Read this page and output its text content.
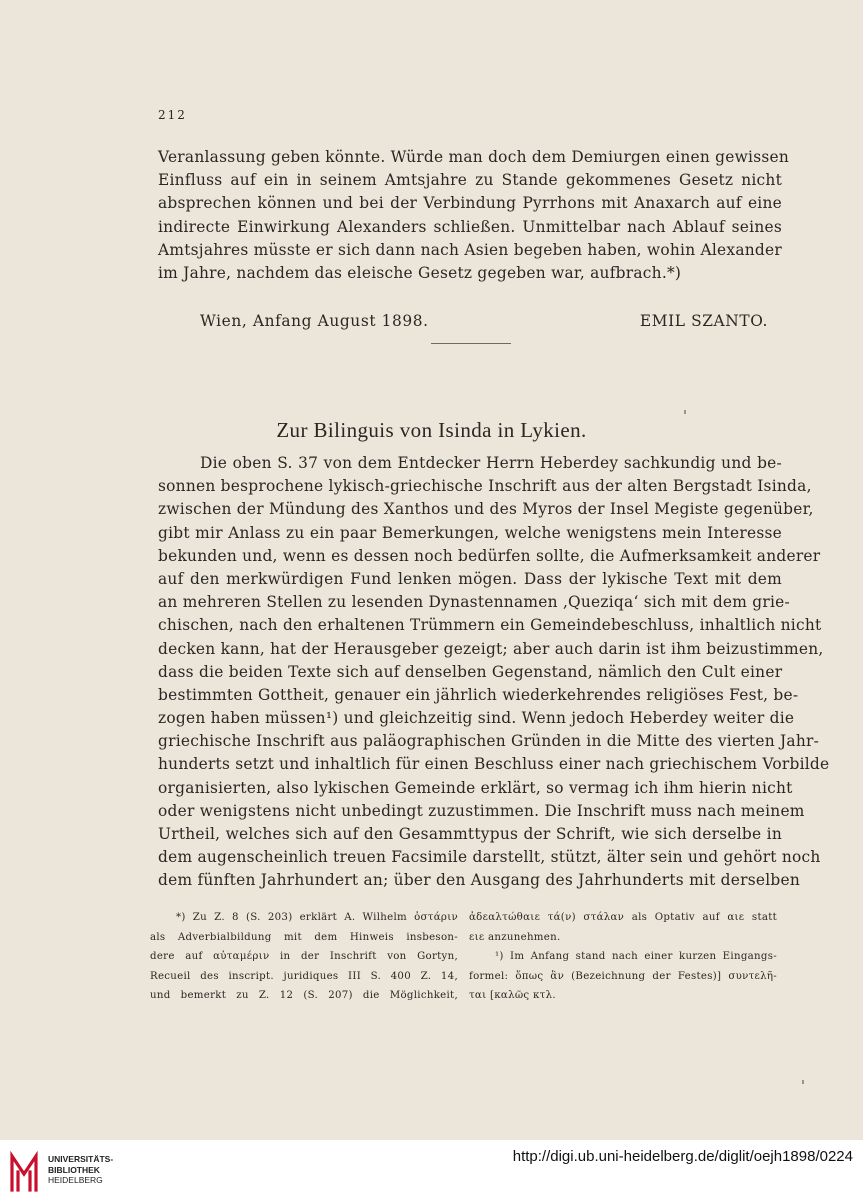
212
Veranlassung geben könnte. Würde man doch dem Demiurgen einen gewissen
Einfluss auf ein in seinem Amtsjahre zu Stande gekommenes Gesetz nicht
absprechen können und bei der Verbindung Pyrrhons mit Anaxarch auf eine
indirecte Einwirkung Alexanders schließen. Unmittelbar nach Ablauf seines
Amtsjahres müsste er sich dann nach Asien begeben haben, wohin Alexander
im Jahre, nachdem das eleische Gesetz gegeben war, aufbrach.*)
Wien, Anfang August 1898.	EMIL SZANTO.
Zur Bilinguis von Isinda in Lykien.
Die oben S. 37 von dem Entdecker Herrn Heberdey sachkundig und be-
sonnen besprochene lykisch-griechische Inschrift aus der alten Bergstadt Isinda,
zwischen der Mündung des Xanthos und des Myros der Insel Megiste gegenüber,
gibt mir Anlass zu ein paar Bemerkungen, welche wenigstens mein Interesse
bekunden und, wenn es dessen noch bedürfen sollte, die Aufmerksamkeit anderer
auf den merkwürdigen Fund lenken mögen. Dass der lykische Text mit dem
an mehreren Stellen zu lesenden Dynastennamen ‚Queziqa‘ sich mit dem grie-
chischen, nach den erhaltenen Trümmern ein Gemeindebeschluss, inhaltlich nicht
decken kann, hat der Herausgeber gezeigt; aber auch darin ist ihm beizustimmen,
dass die beiden Texte sich auf denselben Gegenstand, nämlich den Cult einer
bestimmten Gottheit, genauer ein jährlich wiederkehrendes religiöses Fest, be-
zogen haben müssen¹) und gleichzeitig sind. Wenn jedoch Heberdey weiter die
griechische Inschrift aus paläographischen Gründen in die Mitte des vierten Jahr-
hunderts setzt und inhaltlich für einen Beschluss einer nach griechischem Vorbilde
organisierten, also lykischen Gemeinde erklärt, so vermag ich ihm hierin nicht
oder wenigstens nicht unbedingt zuzustimmen. Die Inschrift muss nach meinem
Urtheil, welches sich auf den Gesammttypus der Schrift, wie sich derselbe in
dem augenscheinlich treuen Facsimile darstellt, stützt, älter sein und gehört noch
dem fünften Jahrhundert an; über den Ausgang des Jahrhunderts mit derselben
*) Zu Z. 8 (S. 203) erklärt A. Wilhelm ὀστάριν
als Adverbialbildung mit dem Hinweis insbeson-
dere auf αὐταμέριν in der Inschrift von Gortyn,
Recueil des inscript. juridiques III S. 400 Z. 14,
und bemerkt zu Z. 12 (S. 207) die Möglichkeit,
ἀδεαλτώθαιε τά(ν) στάλαν als Optativ auf αιε statt
ειε anzunehmen.
¹) Im Anfang stand nach einer kurzen Eingangs-
formel: ὅπως ἂν (Bezeichnung der Festes)] συντελῆ-
ται [καλῶς κτλ.
UNIVERSITÄTS-
BIBLIOTHEK
HEIDELBERG
http://digi.ub.uni-heidelberg.de/diglit/oejh1898/0224
